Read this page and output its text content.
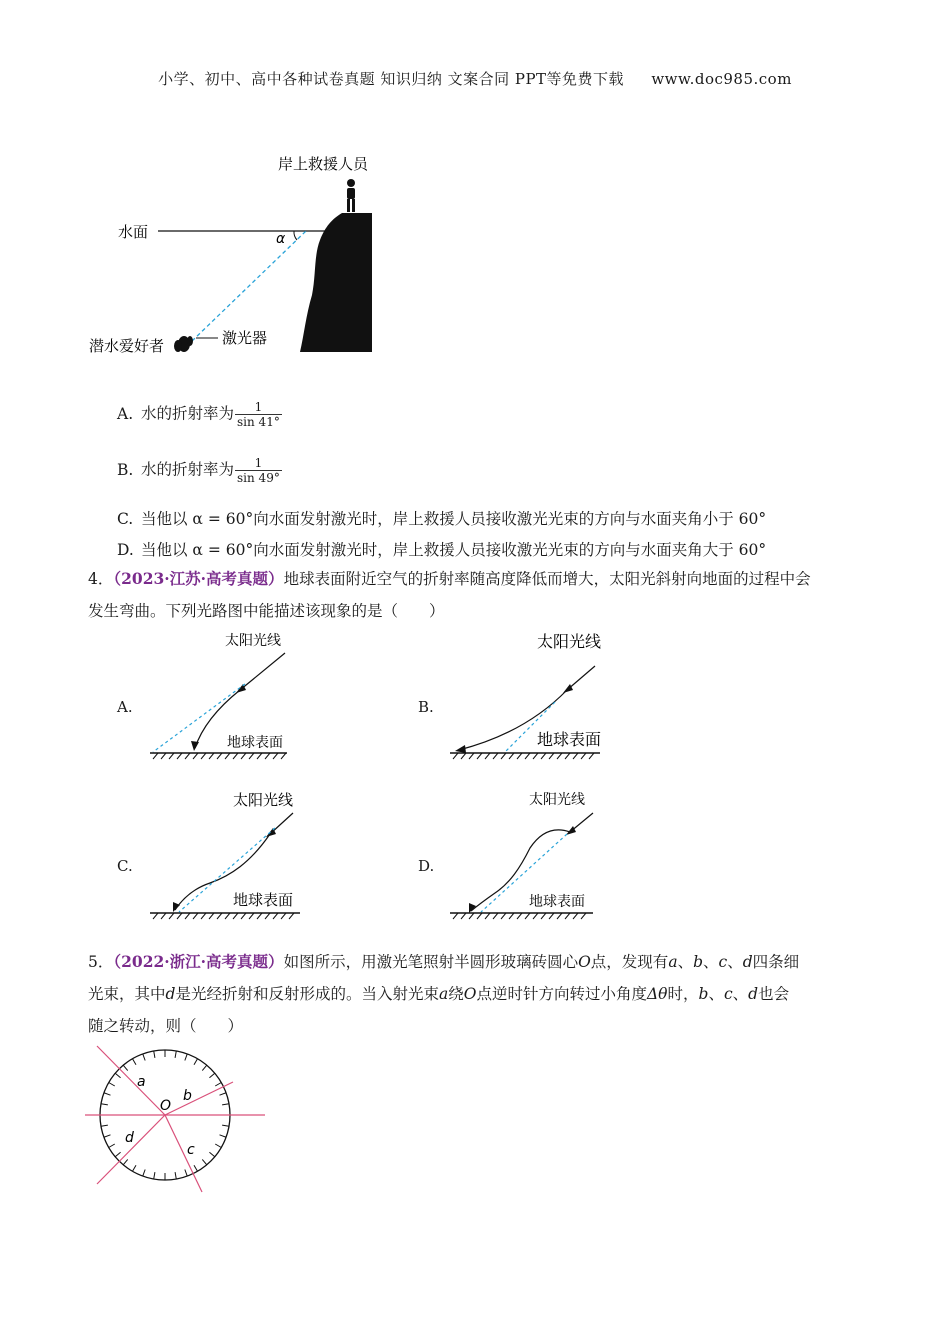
小学、初中、高中各种试卷真题 知识归纳 文案合同 PPT等免费下载 www.doc985.com
岸上救援人员
水面	α
激光器
潜水爱好者
A. 水的折射率为 $\frac{1}{\sin 41^\circ}$
B. 水的折射率为 $\frac{1}{\sin 49^\circ}$
C. 当他以 α = 60°向水面发射激光时，岸上救援人员接收激光光束的方向与水面夹角小于 60°
D. 当他以 α = 60°向水面发射激光时，岸上救援人员接收激光光束的方向与水面夹角大于 60°
4．（2023·江苏·高考真题）地球表面附近空气的折射率随高度降低而增大，太阳光斜射向地面的过程中会
发生弯曲。下列光路图中能描述该现象的是（　　）
A.
太阳光线
地球表面
B.
太阳光线
地球表面
C.
太阳光线
地球表面
D.
太阳光线
地球表面
5．（2022·浙江·高考真题）如图所示，用激光笔照射半圆形玻璃砖圆心O点，发现有a、b、c、d四条细
光束，其中d是光经折射和反射形成的。当入射光束a绕O点逆时针方向转过小角度Δθ时，b、c、d也会
随之转动，则（　　）
a
b
c
d
O
